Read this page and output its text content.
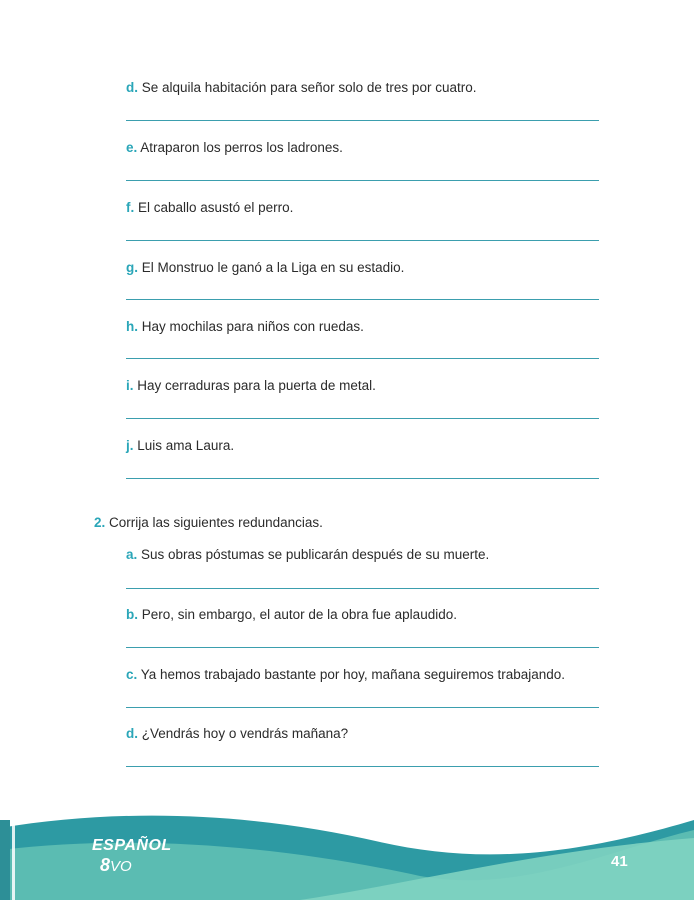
d. Se alquila habitación para señor solo de tres por cuatro.
e. Atraparon los perros los ladrones.
f. El caballo asustó el perro.
g. El Monstruo le ganó a la Liga en su estadio.
h. Hay mochilas para niños con ruedas.
i. Hay cerraduras para la puerta de metal.
j. Luis ama Laura.
2. Corrija las siguientes redundancias.
a. Sus obras póstumas se publicarán después de su muerte.
b. Pero, sin embargo, el autor de la obra fue aplaudido.
c. Ya hemos trabajado bastante por hoy, mañana seguiremos trabajando.
d. ¿Vendrás hoy o vendrás mañana?
ESPAÑOL
8VO	41
